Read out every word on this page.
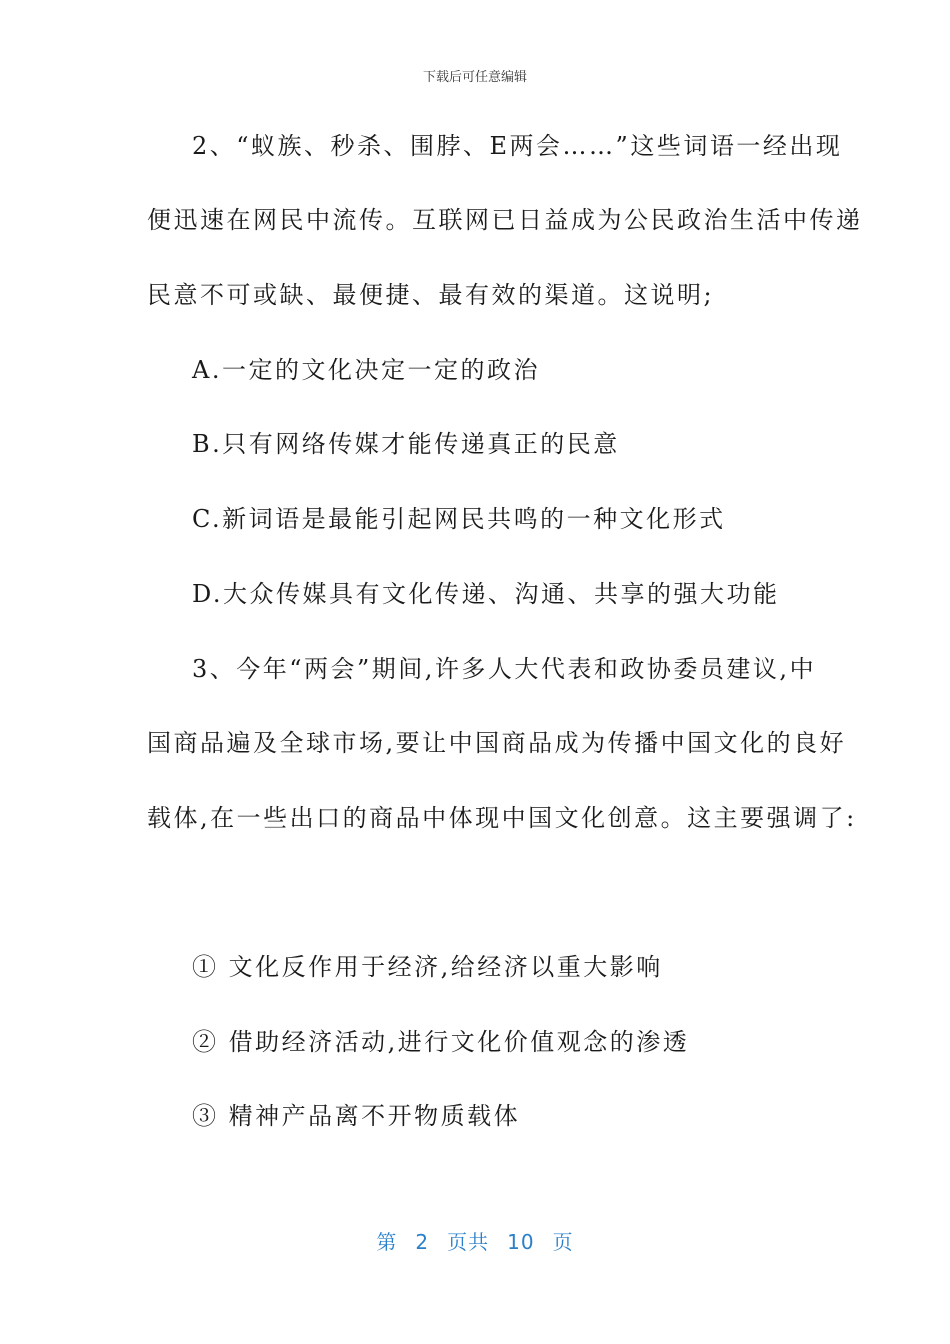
下载后可任意编辑
2、“蚁族、秒杀、围脖、E两会……”这些词语一经出现
便迅速在网民中流传。互联网已日益成为公民政治生活中传递
民意不可或缺、最便捷、最有效的渠道。这说明;
A.一定的文化决定一定的政治
B.只有网络传媒才能传递真正的民意
C.新词语是最能引起网民共鸣的一种文化形式
D.大众传媒具有文化传递、沟通、共享的强大功能
3、今年“两会”期间,许多人大代表和政协委员建议,中
国商品遍及全球市场,要让中国商品成为传播中国文化的良好
载体,在一些出口的商品中体现中国文化创意。这主要强调了:
① 文化反作用于经济,给经济以重大影响
② 借助经济活动,进行文化价值观念的渗透
③ 精神产品离不开物质载体
第 2 页共 10 页
